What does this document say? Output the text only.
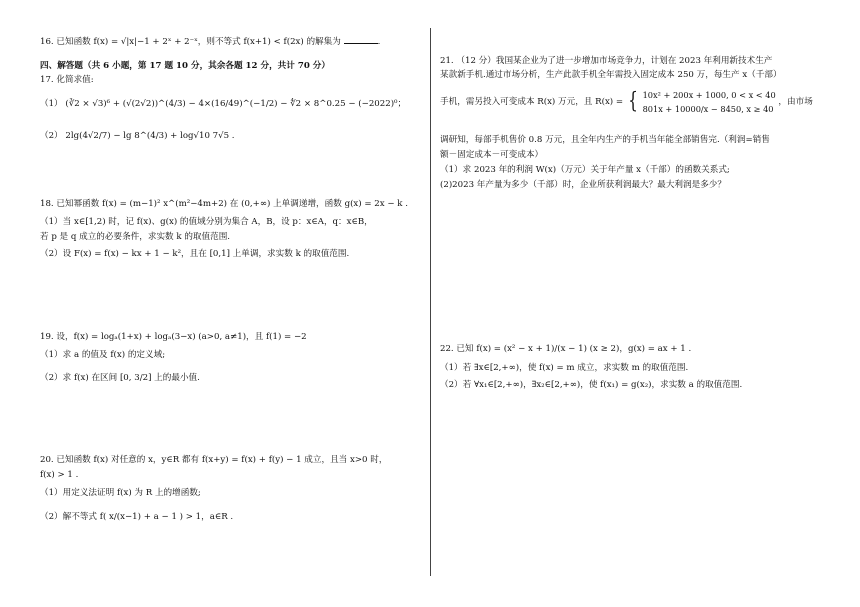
16. 已知函数 f(x) = √|x|−1 + 2ˣ + 2⁻ˣ，则不等式 f(x+1) < f(2x) 的解集为	.
四、解答题（共 6 小题，第 17 题 10 分，其余各题 12 分，共计 70 分）
17. 化简求值:
（1） (∛2 × √3)⁶ + (√(2√2))^(4/3) − 4×(16/49)^(−1/2) − ∜2 × 8^0.25 − (−2022)⁰；
（2） 2lg(4√2/7) − lg 8^(4/3) + log√10 7√5 .
18. 已知幂函数 f(x) = (m−1)² x^(m²−4m+2) 在 (0,+∞) 上单调递增，函数 g(x) = 2x − k .
（1）当 x∈[1,2) 时，记 f(x)、g(x) 的值域分别为集合 A，B，设 p：x∈A，q：x∈B，
若 p 是 q 成立的必要条件，求实数 k 的取值范围.
（2）设 F(x) = f(x) − kx + 1 − k²，且在 [0,1] 上单调，求实数 k 的取值范围.
19. 设，f(x) = logₐ(1+x) + logₐ(3−x) (a>0, a≠1)，且 f(1) = −2
（1）求 a 的值及 f(x) 的定义域;
（2）求 f(x) 在区间 [0, 3/2] 上的最小值.
20. 已知函数 f(x) 对任意的 x，y∈R 都有 f(x+y) = f(x) + f(y) − 1 成立，且当 x>0 时，
f(x) > 1 .
（1）用定义法证明 f(x) 为 R 上的增函数;
（2）解不等式 f( x/(x−1) + a − 1 ) > 1，a∈R .
21. （12 分）我国某企业为了进一步增加市场竞争力，计划在 2023 年利用新技术生产
某款新手机.通过市场分析，生产此款手机全年需投入固定成本 250 万，每生产 x（千部）
手机，需另投入可变成本 R(x) 万元，且 R(x) = { 10x² + 200x + 1000, 0 < x < 40
801x + 10000/x − 8450, x ≥ 40
，由市场
调研知，每部手机售价 0.8 万元，且全年内生产的手机当年能全部销售完.（利润=销售
额－固定成本－可变成本）
（1）求 2023 年的利润 W(x)（万元）关于年产量 x（千部）的函数关系式;
(2)2023 年产量为多少（千部）时，企业所获利润最大？最大利润是多少？
22. 已知 f(x) = (x² − x + 1)/(x − 1) (x ≥ 2)，g(x) = ax + 1 .
（1）若 ∃x∈[2,+∞)，使 f(x) = m 成立，求实数 m 的取值范围.
（2）若 ∀x₁∈[2,+∞)，∃x₂∈[2,+∞)，使 f(x₁) = g(x₂)，求实数 a 的取值范围.
